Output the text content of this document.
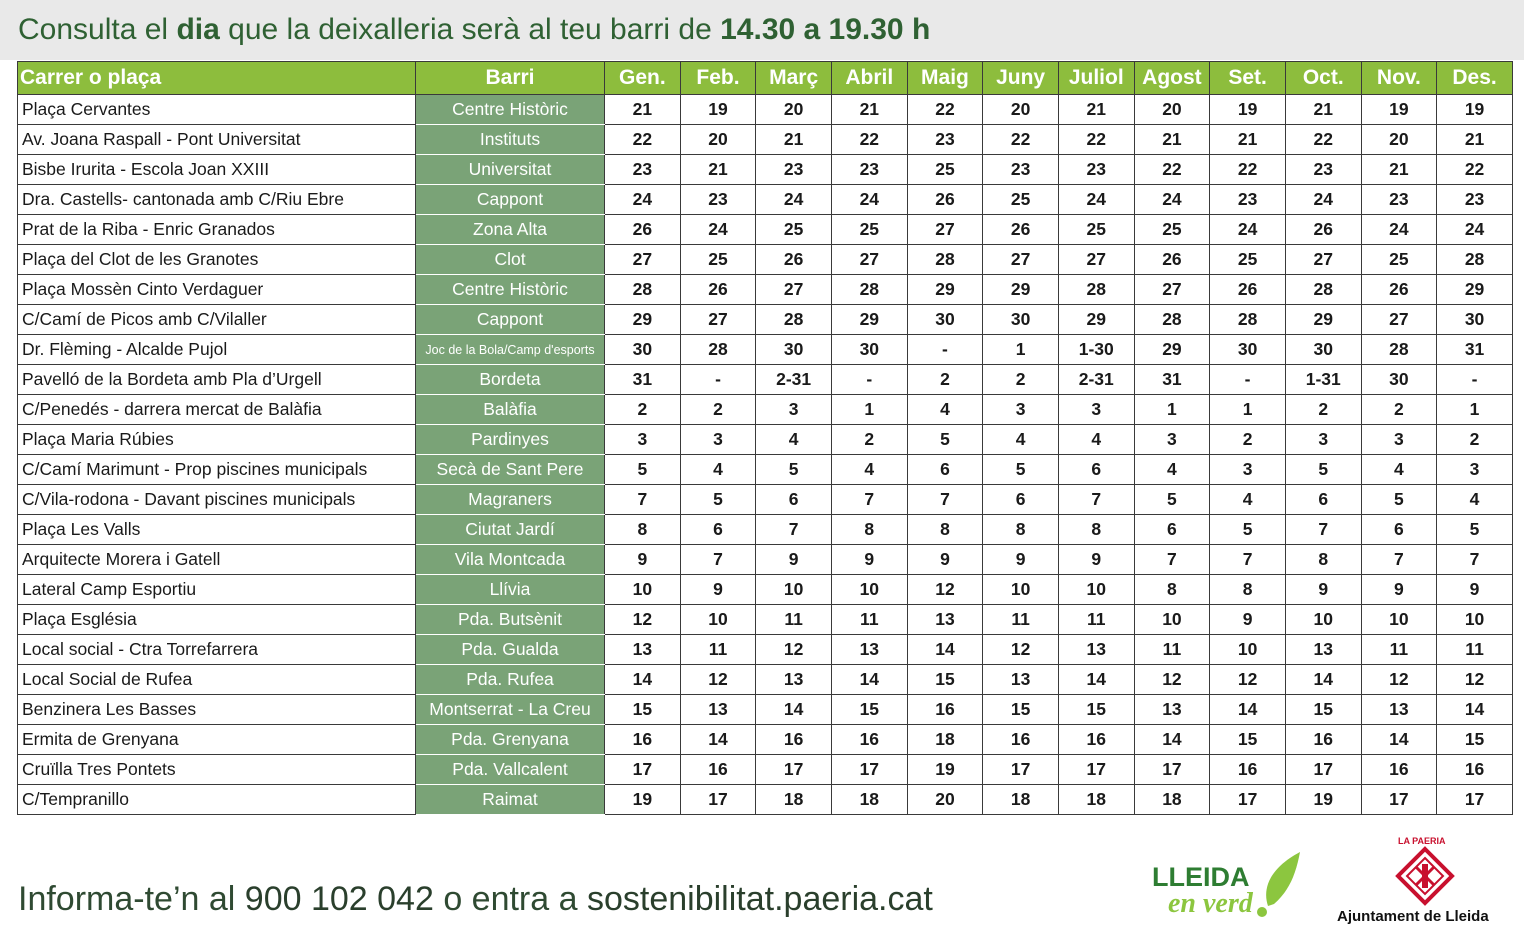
Consulta el dia que la deixalleria serà al teu barri de 14.30 a 19.30 h
Carrer o plaça	Barri	Gen.	Feb.	Març	Abril	Maig	Juny	Juliol	Agost	Set.	Oct.	Nov.	Des.
Plaça Cervantes	Centre Històric	21	19	20	21	22	20	21	20	19	21	19	19
Av. Joana Raspall - Pont Universitat	Instituts	22	20	21	22	23	22	22	21	21	22	20	21
Bisbe Irurita - Escola Joan XXIII	Universitat	23	21	23	23	25	23	23	22	22	23	21	22
Dra. Castells- cantonada amb C/Riu Ebre	Cappont	24	23	24	24	26	25	24	24	23	24	23	23
Prat de la Riba - Enric Granados	Zona Alta	26	24	25	25	27	26	25	25	24	26	24	24
Plaça del Clot de les Granotes	Clot	27	25	26	27	28	27	27	26	25	27	25	28
Plaça Mossèn Cinto Verdaguer	Centre Històric	28	26	27	28	29	29	28	27	26	28	26	29
C/Camí de Picos amb C/Vilaller	Cappont	29	27	28	29	30	30	29	28	28	29	27	30
Dr. Flèming - Alcalde Pujol	Joc de la Bola/Camp d'esports	30	28	30	30	-	1	1-30	29	30	30	28	31
Pavelló de la Bordeta amb Pla d’Urgell	Bordeta	31	-	2-31	-	2	2	2-31	31	-	1-31	30	-
C/Penedés - darrera mercat de Balàfia	Balàfia	2	2	3	1	4	3	3	1	1	2	2	1
Plaça Maria Rúbies	Pardinyes	3	3	4	2	5	4	4	3	2	3	3	2
C/Camí Marimunt - Prop piscines municipals	Secà de Sant Pere	5	4	5	4	6	5	6	4	3	5	4	3
C/Vila-rodona - Davant piscines municipals	Magraners	7	5	6	7	7	6	7	5	4	6	5	4
Plaça Les Valls	Ciutat Jardí	8	6	7	8	8	8	8	6	5	7	6	5
Arquitecte Morera i Gatell	Vila Montcada	9	7	9	9	9	9	9	7	7	8	7	7
Lateral Camp Esportiu	Llívia	10	9	10	10	12	10	10	8	8	9	9	9
Plaça Església	Pda. Butsènit	12	10	11	11	13	11	11	10	9	10	10	10
Local social - Ctra Torrefarrera	Pda. Gualda	13	11	12	13	14	12	13	11	10	13	11	11
Local Social de Rufea	Pda. Rufea	14	12	13	14	15	13	14	12	12	14	12	12
Benzinera Les Basses	Montserrat - La Creu	15	13	14	15	16	15	15	13	14	15	13	14
Ermita de Grenyana	Pda. Grenyana	16	14	16	16	18	16	16	14	15	16	14	15
Cruïlla Tres Pontets	Pda. Vallcalent	17	16	17	17	19	17	17	17	16	17	16	16
C/Tempranillo	Raimat	19	17	18	18	20	18	18	18	17	19	17	17
Informa-te’n al 900 102 042 o entra a sostenibilitat.paeria.cat
LLEIDA
en verd
LA PAERIA
Ajuntament de Lleida
